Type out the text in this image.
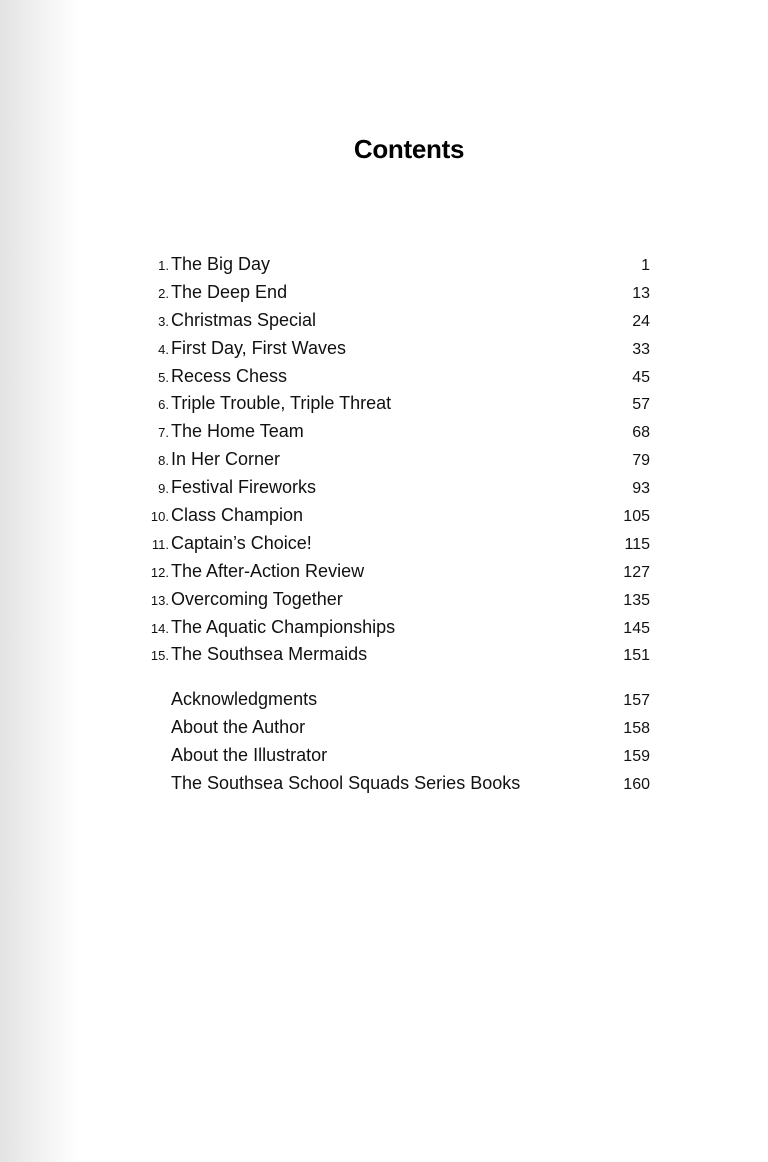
Contents
1. The Big Day	1
2. The Deep End	13
3. Christmas Special	24
4. First Day, First Waves	33
5. Recess Chess	45
6. Triple Trouble, Triple Threat	57
7. The Home Team	68
8. In Her Corner	79
9. Festival Fireworks	93
10. Class Champion	105
11. Captain’s Choice!	115
12. The After-Action Review	127
13. Overcoming Together	135
14. The Aquatic Championships	145
15. The Southsea Mermaids	151
Acknowledgments	157
About the Author	158
About the Illustrator	159
The Southsea School Squads Series Books	160
